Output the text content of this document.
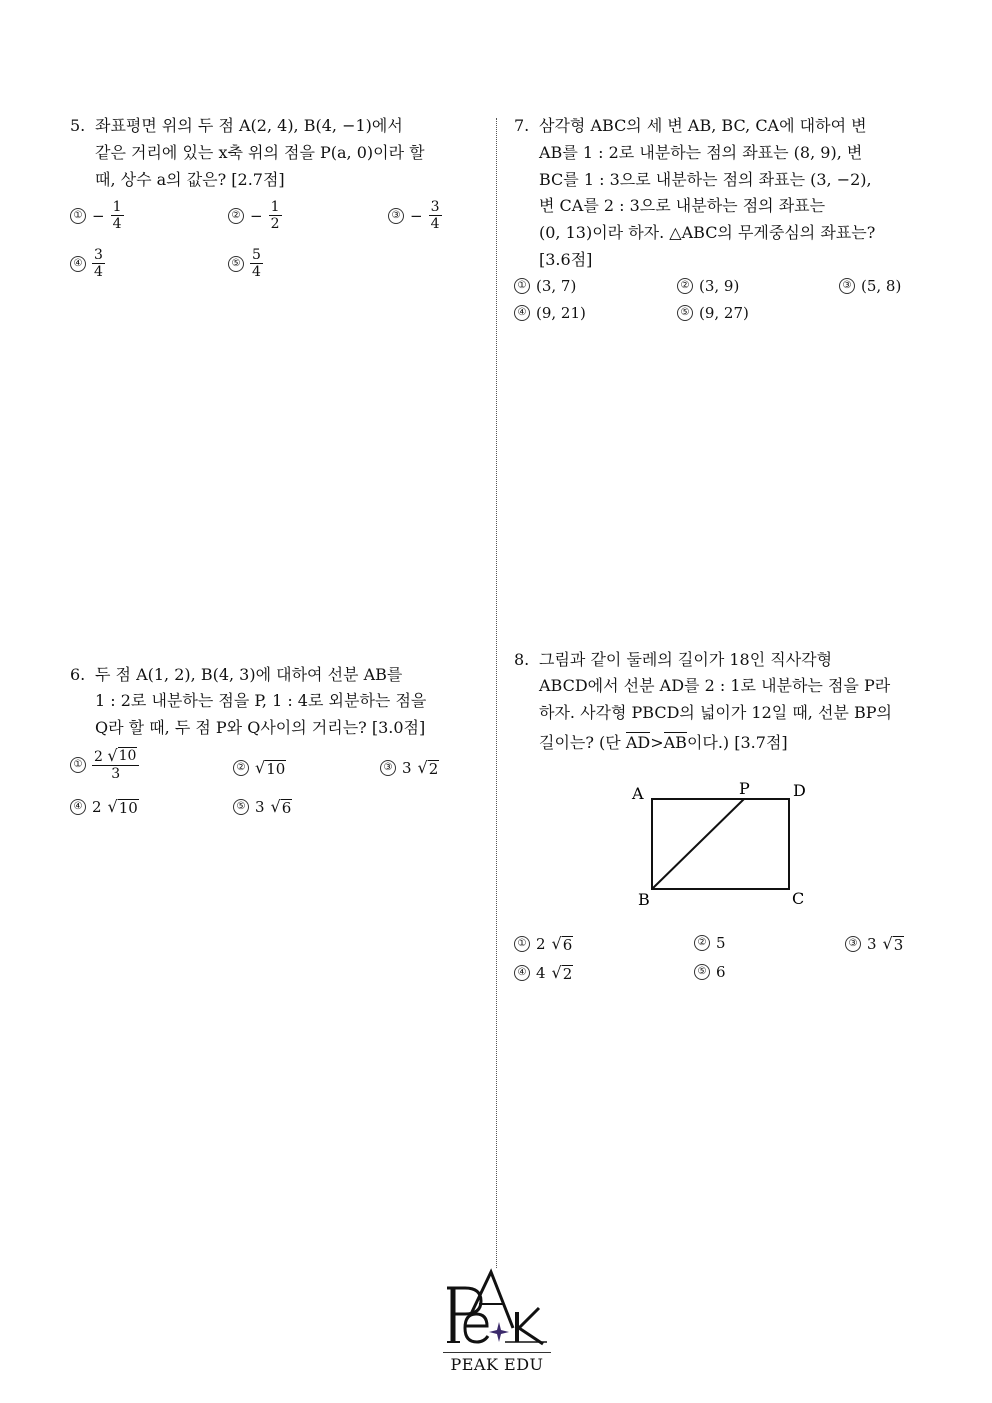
5. 좌표평면 위의 두 점 A(2, 4), B(4, −1)에서
같은 거리에 있는 x축 위의 점을 P(a, 0)이라 할
때, 상수 a의 값은? [2.7점]
① − $\frac{1}{4}$	② − $\frac{1}{2}$	③ − $\frac{3}{4}$
④ $\frac{3}{4}$	⑤ $\frac{5}{4}$
7. 삼각형 ABC의 세 변 AB, BC, CA에 대하여 변
AB를 1 : 2로 내분하는 점의 좌표는 (8, 9), 변
BC를 1 : 3으로 내분하는 점의 좌표는 (3, −2),
변 CA를 2 : 3으로 내분하는 점의 좌표는
(0, 13)이라 하자. △ABC의 무게중심의 좌표는?
[3.6점]
① (3, 7)	② (3, 9)	③ (5, 8)
④ (9, 21)	⑤ (9, 27)
6. 두 점 A(1, 2), B(4, 3)에 대하여 선분 AB를
1 : 2로 내분하는 점을 P, 1 : 4로 외분하는 점을
Q라 할 때, 두 점 P와 Q사이의 거리는? [3.0점]
① $\frac{2 √ 10}{3}$	② √ 10	③ 3 √ 2
④ 2 √ 10	⑤ 3 √ 6
8. 그림과 같이 둘레의 길이가 18인 직사각형
ABCD에서 선분 AD를 2 : 1로 내분하는 점을 P라
하자. 사각형 PBCD의 넓이가 12일 때, 선분 BP의
길이는? (단 AD>AB이다.) [3.7점]
A	P	D
B	C
① 2 √ 6	② 5	③ 3 √ 3
④ 4 √ 2	⑤ 6
PEAK EDU
